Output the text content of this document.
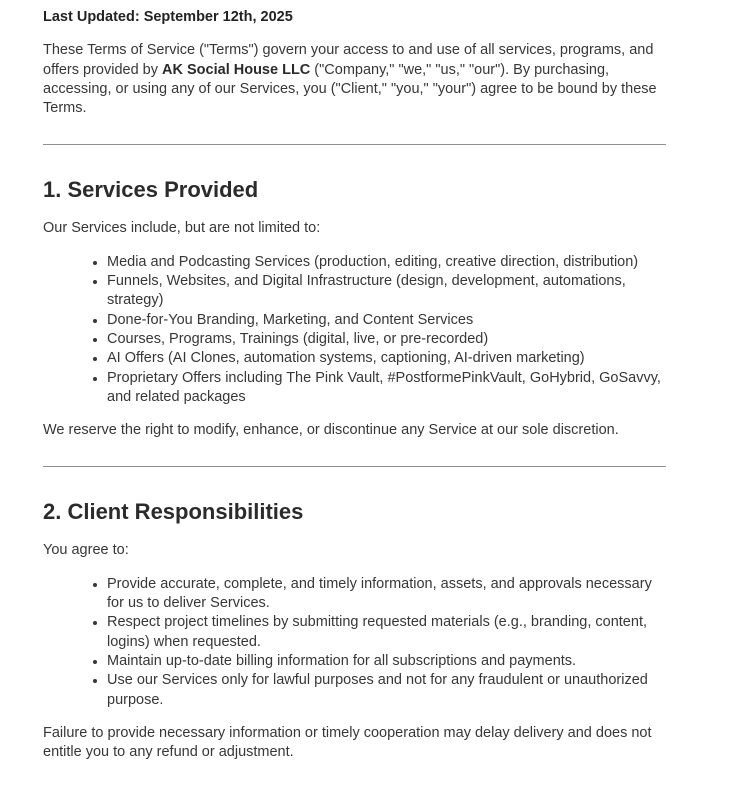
Last Updated: September 12th, 2025

These Terms of Service ("Terms") govern your access to and use of all services, programs, and offers provided by AK Social House LLC ("Company," "we," "us," "our"). By purchasing, accessing, or using any of our Services, you ("Client," "you," "your") agree to be bound by these Terms.

1. Services Provided

Our Services include, but are not limited to:

• Media and Podcasting Services (production, editing, creative direction, distribution)
• Funnels, Websites, and Digital Infrastructure (design, development, automations, strategy)
• Done-for-You Branding, Marketing, and Content Services
• Courses, Programs, Trainings (digital, live, or pre-recorded)
• AI Offers (AI Clones, automation systems, captioning, AI-driven marketing)
• Proprietary Offers including The Pink Vault, #PostformePinkVault, GoHybrid, GoSavvy, and related packages

We reserve the right to modify, enhance, or discontinue any Service at our sole discretion.

2. Client Responsibilities

You agree to:

• Provide accurate, complete, and timely information, assets, and approvals necessary for us to deliver Services.
• Respect project timelines by submitting requested materials (e.g., branding, content, logins) when requested.
• Maintain up-to-date billing information for all subscriptions and payments.
• Use our Services only for lawful purposes and not for any fraudulent or unauthorized purpose.

Failure to provide necessary information or timely cooperation may delay delivery and does not entitle you to any refund or adjustment.
